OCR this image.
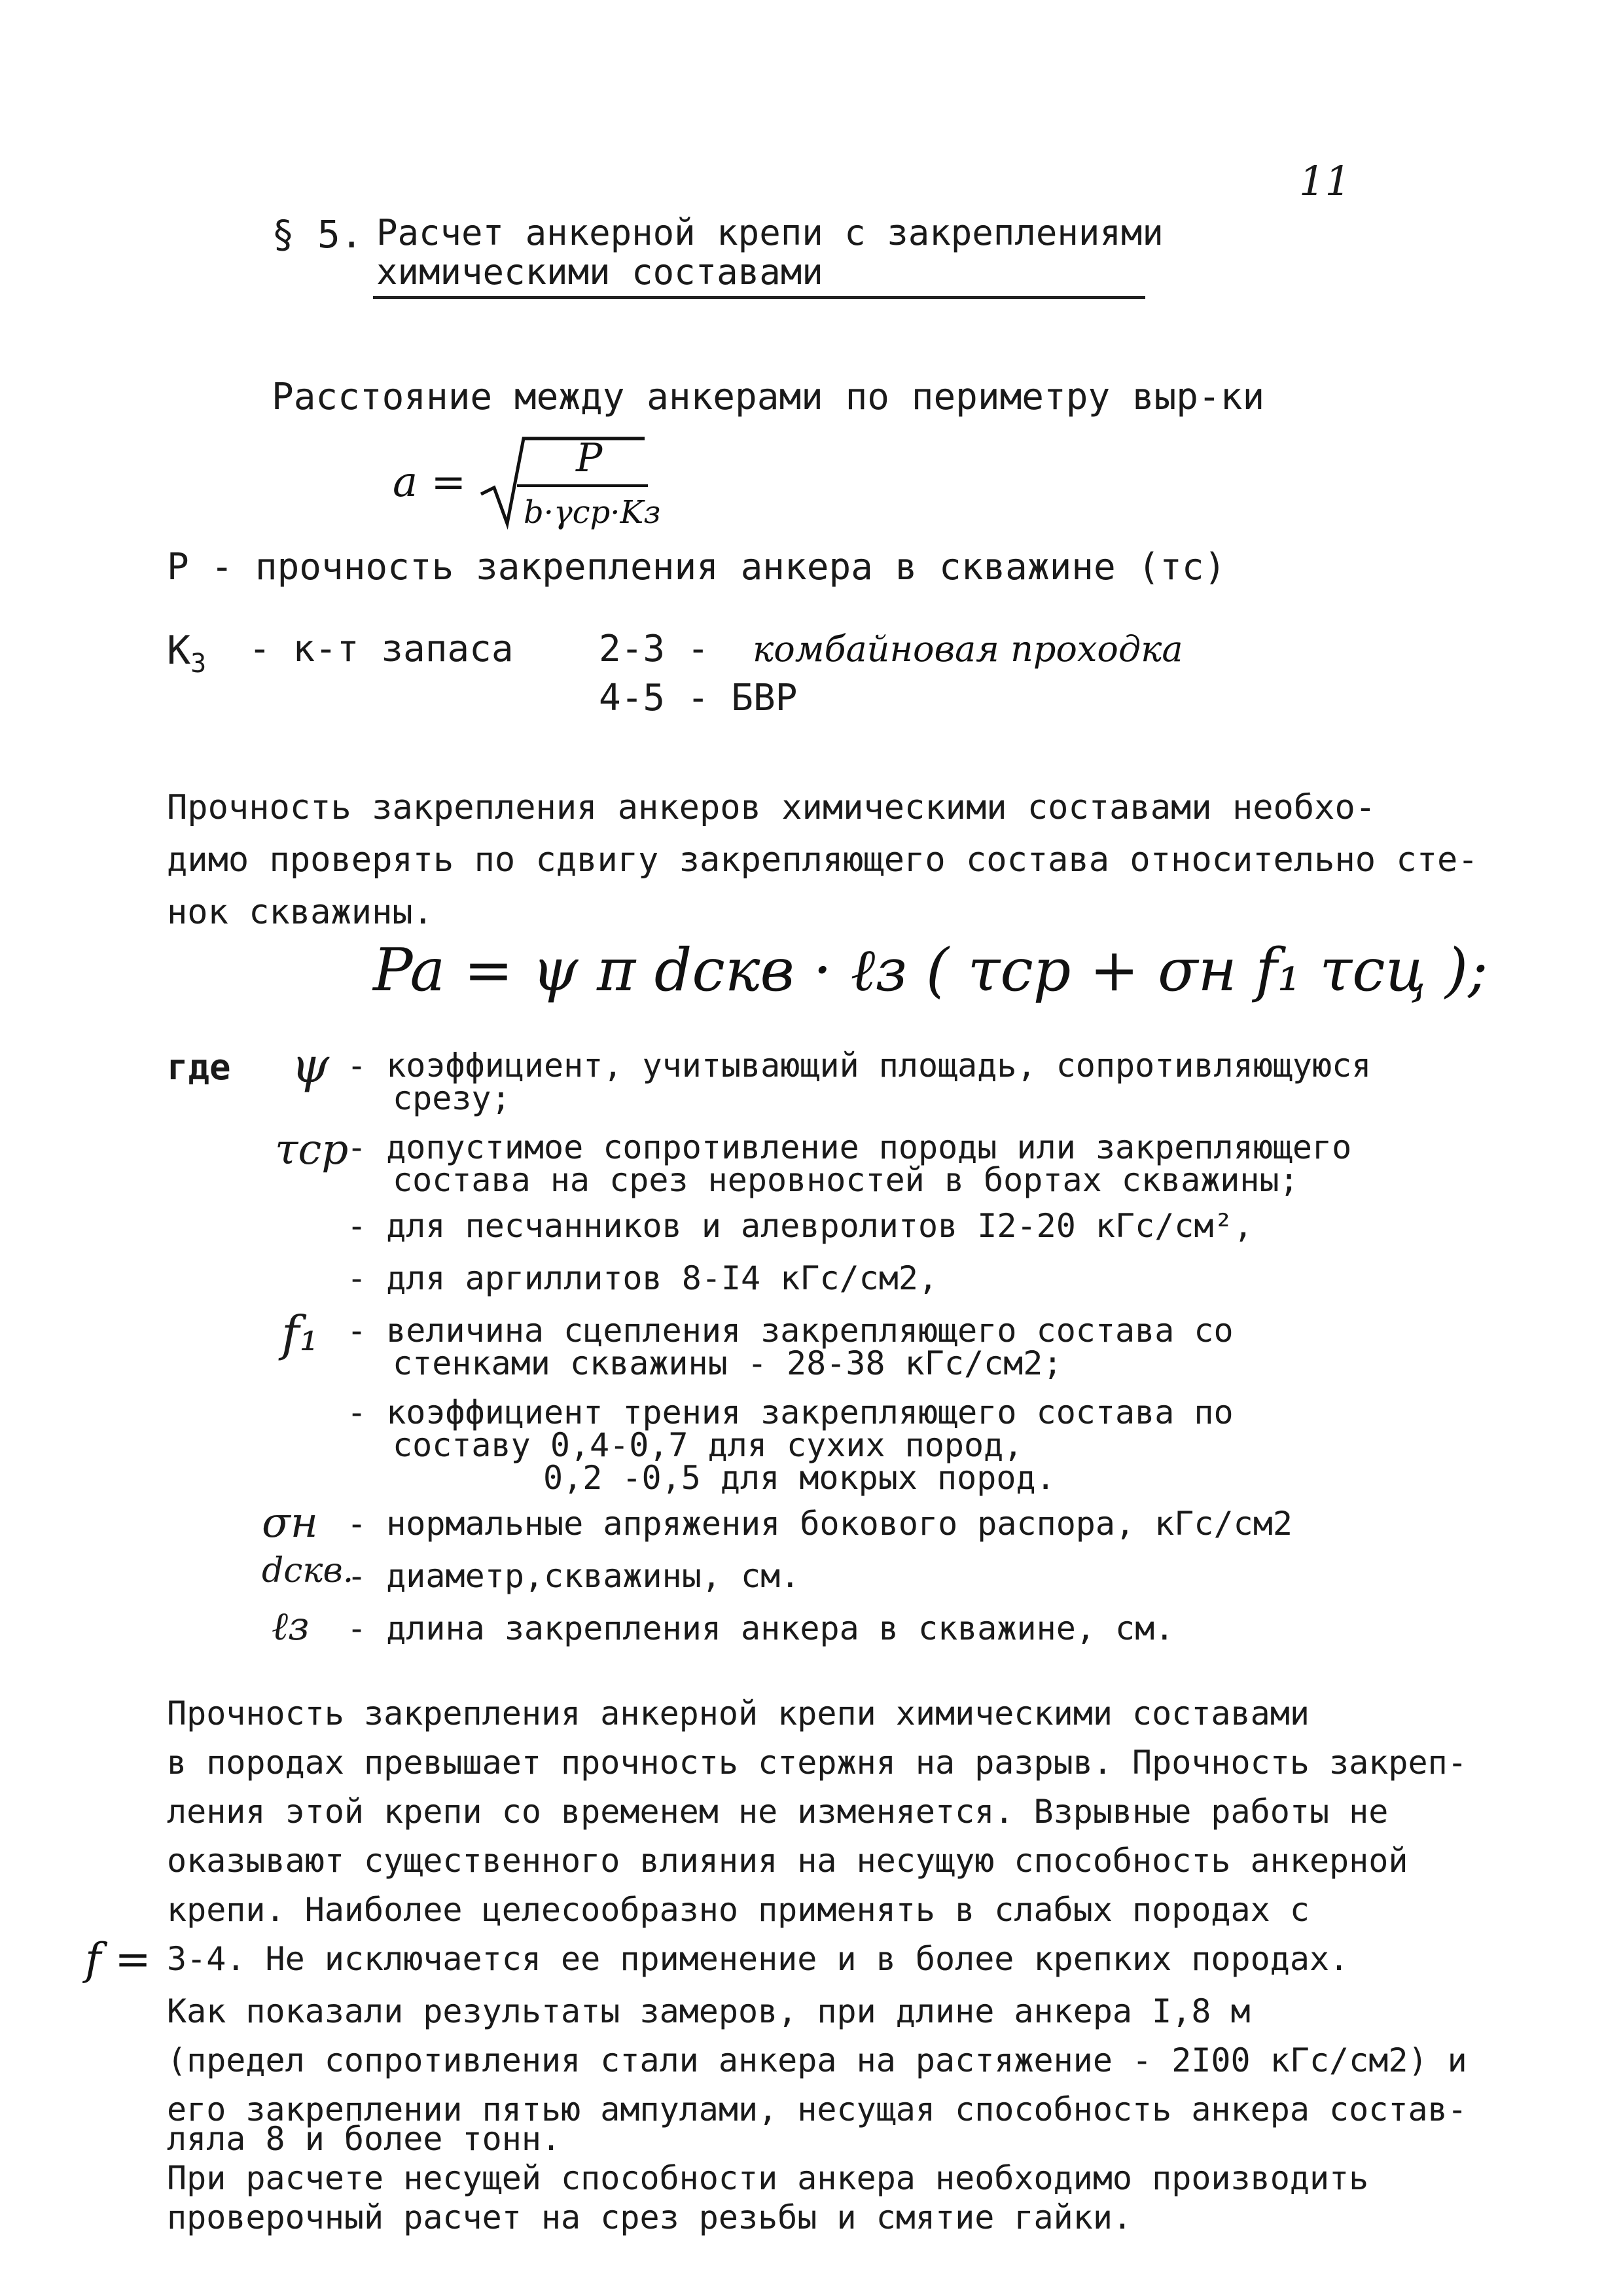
11
§ 5. Расчет анкерной крепи с закреплениями
химическими составами
Расстояние между анкерами по периметру выр-ки
a =	P
b·γср·Kз
P - прочность закрепления анкера в скважине (тс)
$K_3 - к-т$ запаса 2-3 - комбайновая проходка
4-5 - БВР
Прочность закрепления анкеров химическими составами необхо-
димо проверять по сдвигу закрепляющего состава относительно сте-
нок скважины.
Pa = ψ π dскв · ℓз ( τср + σн f₁ τсц );
где ψ - коэффициент, учитывающий площадь, сопротивляющуюся
срезу;
τср
- допустимое сопротивление породы или закрепляющего
состава на срез неровностей в бортах скважины;
- для песчанников и алевролитов I2-20 кГс/см²,
- для аргиллитов 8-I4 кГс/см2,
f₁ - величина сцепления закрепляющего состава со
стенками скважины - 28-38 кГс/см2;
- коэффициент трения закрепляющего состава по
составу 0,4-0,7 для сухих пород,
0,2 -0,5 для мокрых пород.
σн - нормальные апряжения бокового распора, кГс/см2
dскв.
- диаметр,скважины, см.
ℓз - длина закрепления анкера в скважине, см.
Прочность закрепления анкерной крепи химическими составами
в породах превышает прочность стержня на разрыв. Прочность закреп-
ления этой крепи со временем не изменяется. Взрывные работы не
оказывают существенного влияния на несущую способность анкерной
крепи. Наиболее целесообразно применять в слабых породах с
f = 3-4. Не исключается ее применение и в более крепких породах.
Как показали результаты замеров, при длине анкера I,8 м
(предел сопротивления стали анкера на растяжение - 2I00 кГс/см2) и
его закреплении пятью ампулами, несущая способность анкера состав-
ляла 8 и более тонн.
При расчете несущей способности анкера необходимо производить
проверочный расчет на срез резьбы и смятие гайки.
